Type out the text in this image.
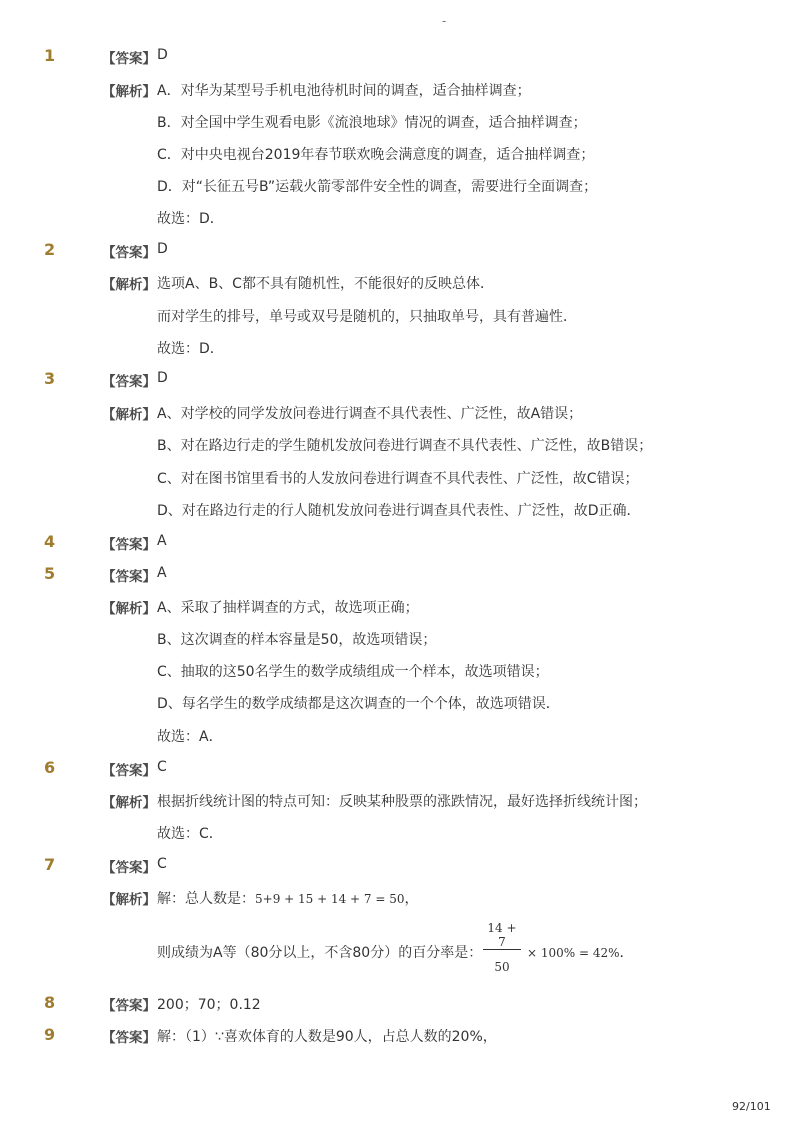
-
1	【答案】 D
【解析】 A．对华为某型号手机电池待机时间的调查，适合抽样调查；
B．对全国中学生观看电影《流浪地球》情况的调查，适合抽样调查；
C．对中央电视台2019年春节联欢晚会满意度的调查，适合抽样调查；
D．对“长征五号B”运载火箭零部件安全性的调查，需要进行全面调查；
故选：D．
2	【答案】 D
【解析】 选项A、B、C都不具有随机性，不能很好的反映总体．
而对学生的排号，单号或双号是随机的，只抽取单号，具有普遍性．
故选：D．
3	【答案】 D
【解析】 A、对学校的同学发放问卷进行调查不具代表性、广泛性，故A错误；
B、对在路边行走的学生随机发放问卷进行调查不具代表性、广泛性，故B错误；
C、对在图书馆里看书的人发放问卷进行调查不具代表性、广泛性，故C错误；
D、对在路边行走的行人随机发放问卷进行调查具代表性、广泛性，故D正确．
4	【答案】 A
5	【答案】 A
【解析】 A、采取了抽样调查的方式，故选项正确；
B、这次调查的样本容量是50，故选项错误；
C、抽取的这50名学生的数学成绩组成一个样本，故选项错误；
D、每名学生的数学成绩都是这次调查的一个个体，故选项错误．
故选：A．
6	【答案】 C
【解析】 根据折线统计图的特点可知：反映某种股票的涨跌情况，最好选择折线统计图；
故选：C．
7	【答案】 C
【解析】 解：总人数是：5+9 + 15 + 14 + 7 = 50，
14 + 7
50
则成绩为A等（80分以上，不含80分）的百分率是：	× 100% = 42%．
8	【答案】 200；70；0.12
9	【答案】 解：（1）∵喜欢体育的人数是90人，占总人数的20%，
92/101
